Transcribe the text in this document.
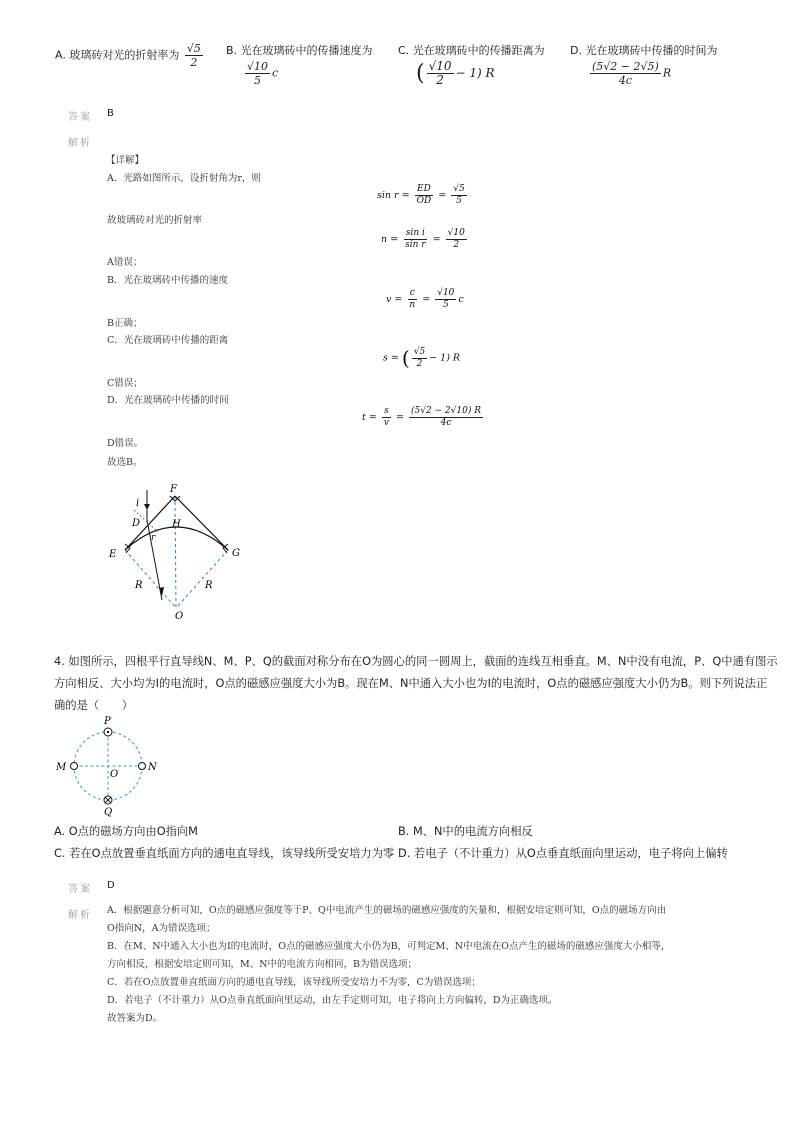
A. 玻璃砖对光的折射率为 $\frac{√5}{2} B$. 光在玻璃砖中的传播速度为
$\frac{√10}{5}$ c
C. 光在玻璃砖中的传播距离为
( $\frac{√10}{2} - 1$) R
D. 光在玻璃砖中传播的时间为
$\frac{(5√2 - 2√5)}{4c}$ R
答案 B
解析
【详解】
A．光路如图所示，设折射角为r，则
$\sin r = \frac{ED}{OD} = \frac{√5}{5}$
故玻璃砖对光的折射率
$n = \frac{\text{sin i}}{\text{sin r}} = \frac{√10}{2}$
A错误；
B．光在玻璃砖中传播的速度
$v = \frac{c}{n} = \frac{√10}{5}$ c
B正确；
C．光在玻璃砖中传播的距离
s = ( $\frac{√5}{2} - 1$) R
C错误；
D．光在玻璃砖中传播的时间
$t = \frac{s}{v} = \frac{(5√2 - 2√10) R}{4c}$
D错误。
故选B。
F
i
D	H
r
E	G
R	R
O
4. 如图所示，四根平行直导线N、M、P、Q的截面对称分布在O为圆心的同一圆周上，截面的连线互相垂直。M、N中没有电流，P、Q中通有图示
方向相反、大小均为I的电流时，O点的磁感应强度大小为B。现在M、N中通入大小也为I的电流时，O点的磁感应强度大小仍为B。则下列说法正
确的是（　　）
P
M
O
N
Q
A. O点的磁场方向由O指向M	B. M、N中的电流方向相反
C. 若在O点放置垂直纸面方向的通电直导线，该导线所受安培力为零 D. 若电子（不计重力）从O点垂直纸面向里运动，电子将向上偏转
答案 D
解析 A．根据题意分析可知，O点的磁感应强度等于P、Q中电流产生的磁场的磁感应强度的矢量和，根据安培定则可知，O点的磁场方向由
O指向N，A为错误选项；
B．在M、N中通入大小也为I的电流时，O点的磁感应强度大小仍为B，可判定M、N中电流在O点产生的磁场的磁感应强度大小相等，
方向相反，根据安培定则可知，M、N中的电流方向相同，B为错误选项；
C．若在O点放置垂直纸面方向的通电直导线，该导线所受安培力不为零，C为错误选项；
D．若电子（不计重力）从O点垂直纸面向里运动，由左手定则可知，电子将向上方向偏转，D为正确选项。
故答案为D。
